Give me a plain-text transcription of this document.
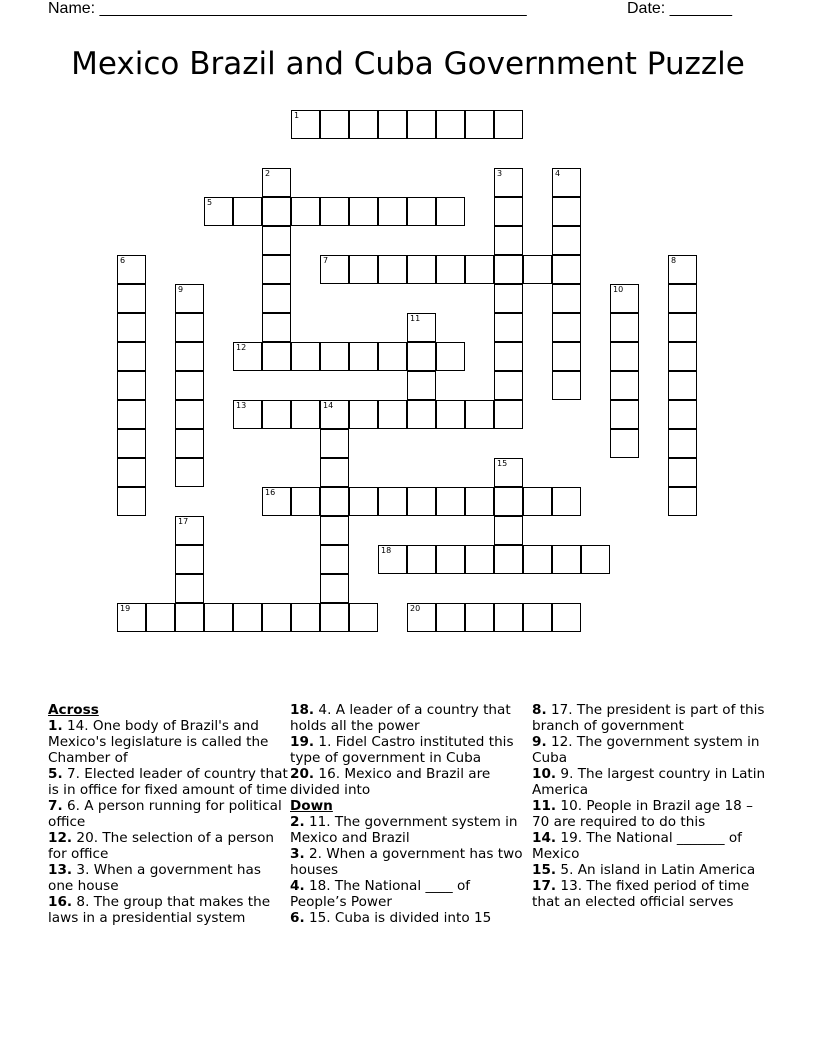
Name: ________________________________________________	Date: _______
Mexico Brazil and Cuba Government Puzzle
1
5
7
12
13	14
16
18
19	20
2	3	4
6	8
9	10
11
15
17

Across

1. 14. One body of Brazil's and Mexico's legislature is called the Chamber of

5. 7. Elected leader of country that is in office for fixed amount of time

7. 6. A person running for political office

12. 20. The selection of a person for office

13. 3. When a government has one house

16. 8. The group that makes the laws in a presidential system

18. 4. A leader of a country that holds all the power

19. 1. Fidel Castro instituted this type of government in Cuba

20. 16. Mexico and Brazil are divided into

Down

2. 11. The government system in Mexico and Brazil

3. 2. When a government has two houses

4. 18. The National ____ of People’s Power

6. 15. Cuba is divided into 15

8. 17. The president is part of this branch of government

9. 12. The government system in Cuba

10. 9. The largest country in Latin America

11. 10. People in Brazil age 18 – 70 are required to do this

14. 19. The National _______ of Mexico

15. 5. An island in Latin America

17. 13. The fixed period of time that an elected official serves
